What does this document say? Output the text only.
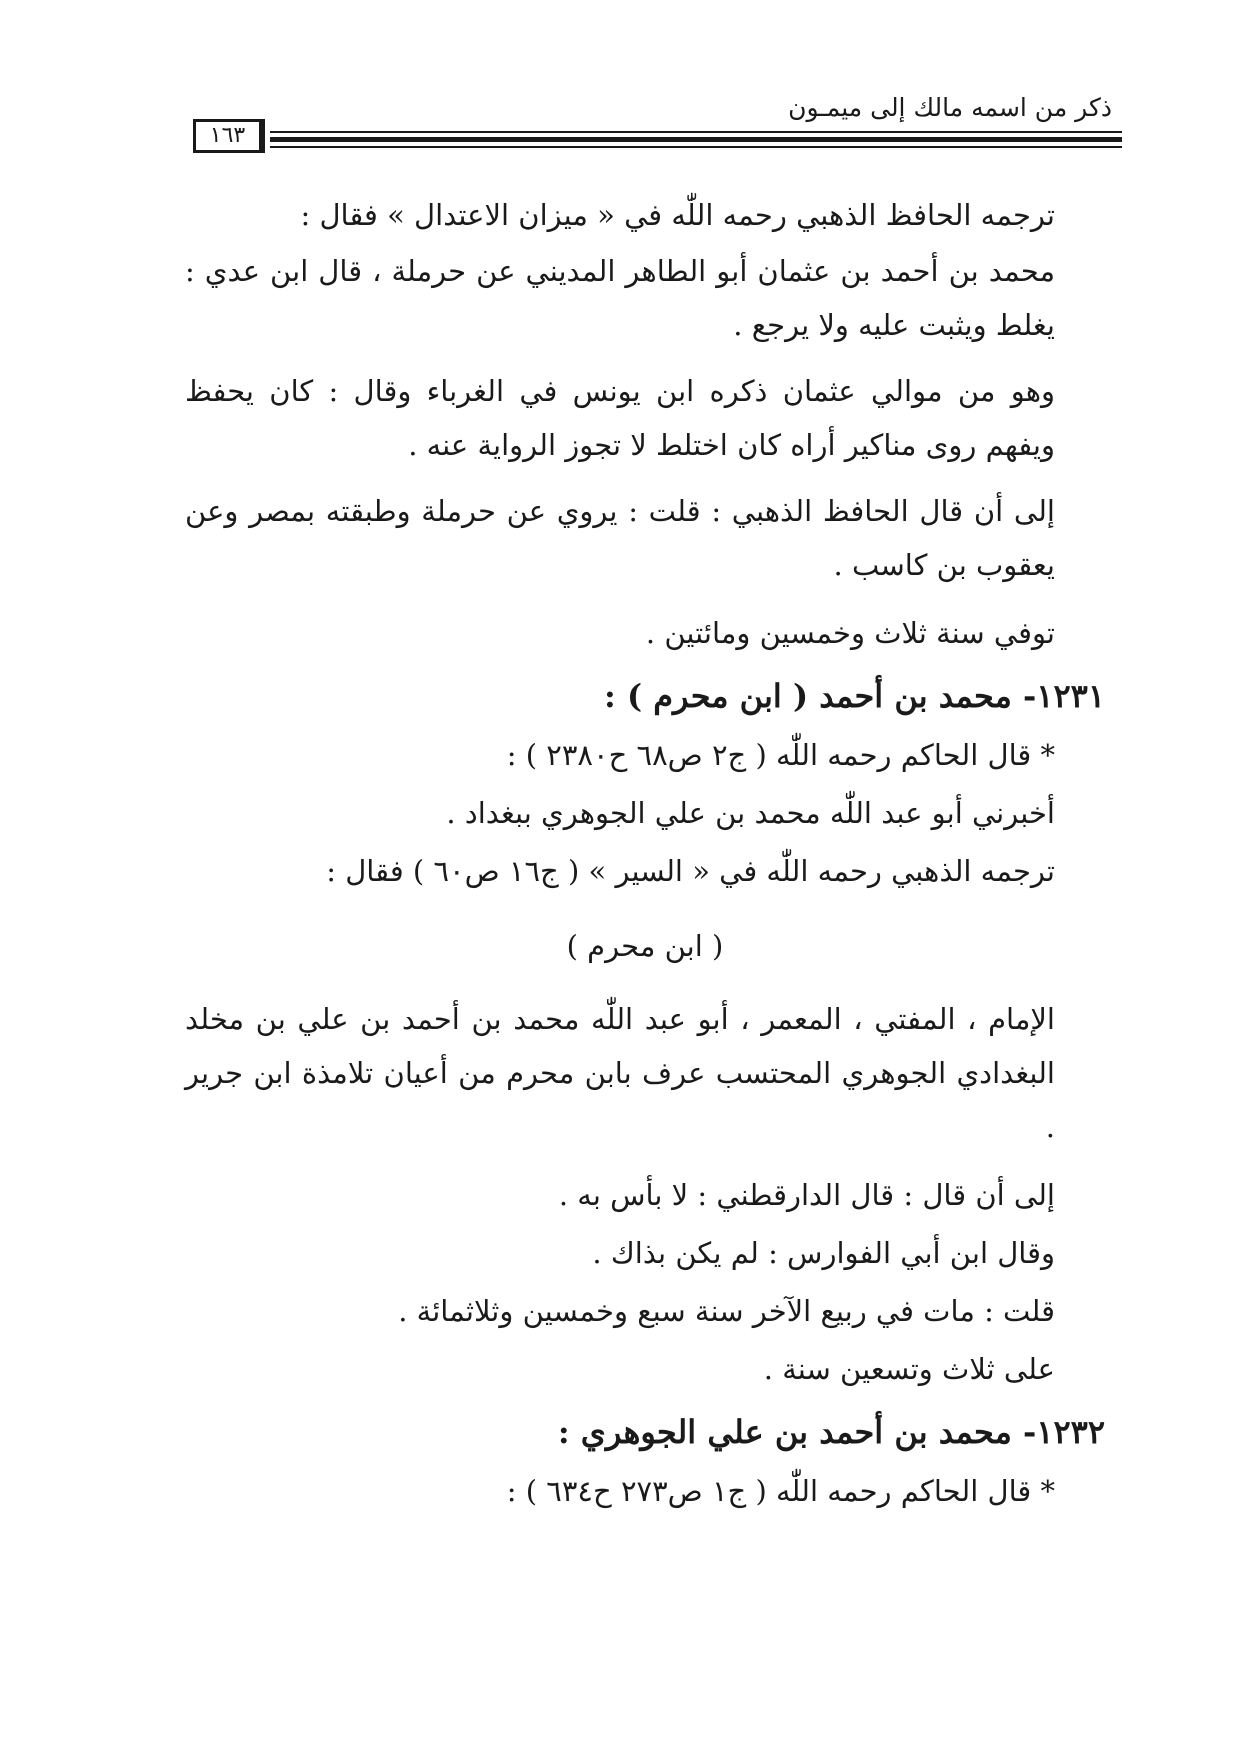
ذكر من اسمه مالك إلى ميمـون
١٦٣

ترجمه الحافظ الذهبي رحمه اللّٰه في « ميزان الاعتدال » فقال :

محمد بن أحمد بن عثمان أبو الطاهر المديني عن حرملة ، قال ابن عدي : يغلط ويثبت عليه ولا يرجع .

وهو من موالي عثمان ذكره ابن يونس في الغرباء وقال : كان يحفظ ويفهم روى مناكير أراه كان اختلط لا تجوز الرواية عنه .

إلى أن قال الحافظ الذهبي : قلت : يروي عن حرملة وطبقته بمصر وعن يعقوب بن كاسب .

توفي سنة ثلاث وخمسين ومائتين .

١٢٣١- محمد بن أحمد ( ابن محرم ) :

* قال الحاكم رحمه اللّٰه ( ج٢ ص٦٨ ح٢٣٨٠ ) :

أخبرني أبو عبد اللّٰه محمد بن علي الجوهري ببغداد .

ترجمه الذهبي رحمه اللّٰه في « السير » ( ج١٦ ص٦٠ ) فقال :

( ابن محرم )

الإمام ، المفتي ، المعمر ، أبو عبد اللّٰه محمد بن أحمد بن علي بن مخلد البغدادي الجوهري المحتسب عرف بابن محرم من أعيان تلامذة ابن جرير .

إلى أن قال : قال الدارقطني : لا بأس به .

وقال ابن أبي الفوارس : لم يكن بذاك .

قلت : مات في ربيع الآخر سنة سبع وخمسين وثلاثمائة .

على ثلاث وتسعين سنة .

١٢٣٢- محمد بن أحمد بن علي الجوهري :

* قال الحاكم رحمه اللّٰه ( ج١ ص٢٧٣ ح٦٣٤ ) :
